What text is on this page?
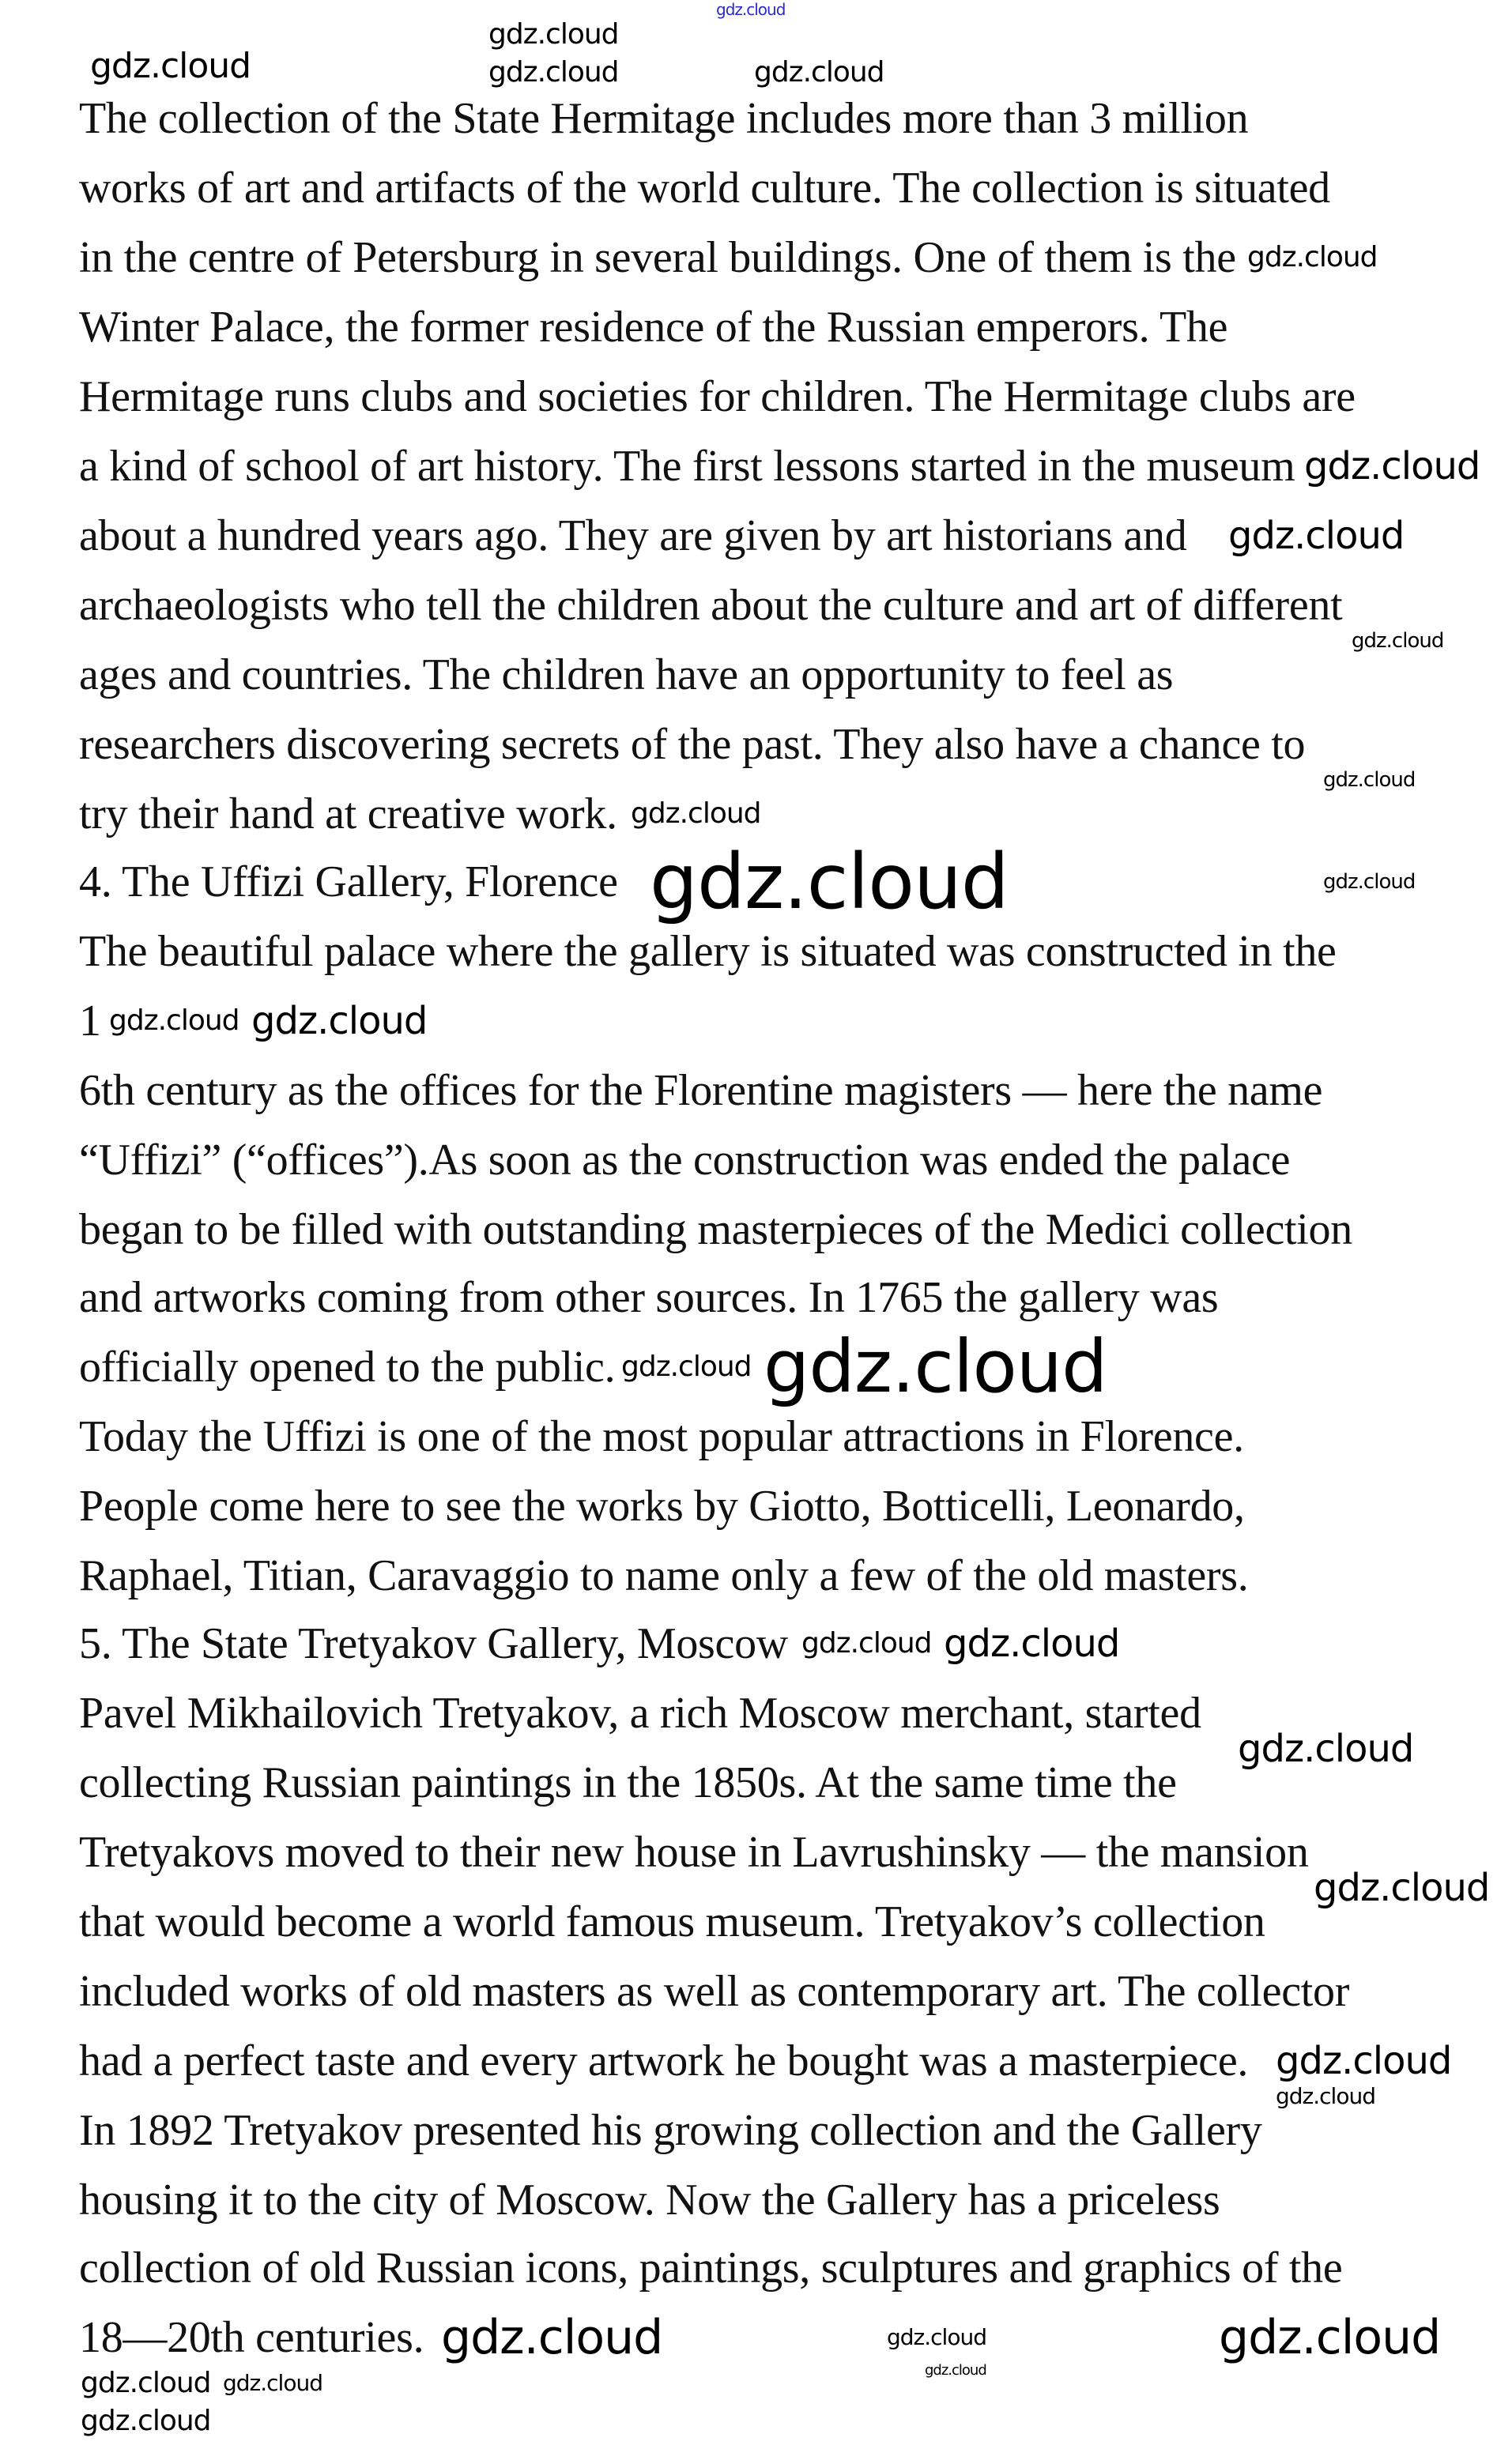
The collection of the State Hermitage includes more than 3 million
works of art and artifacts of the world culture. The collection is situated
in the centre of Petersburg in several buildings. One of them is the
Winter Palace, the former residence of the Russian emperors. The
Hermitage runs clubs and societies for children. The Hermitage clubs are
a kind of school of art history. The first lessons started in the museum
about a hundred years ago. They are given by art historians and
archaeologists who tell the children about the culture and art of different
ages and countries. The children have an opportunity to feel as
researchers discovering secrets of the past. They also have a chance to
try their hand at creative work.
4. The Uffizi Gallery, Florence
The beautiful palace where the gallery is situated was constructed in the
1
6th century as the offices for the Florentine magisters — here the name
“Uffizi” (“offices”).As soon as the construction was ended the palace
began to be filled with outstanding masterpieces of the Medici collection
and artworks coming from other sources. In 1765 the gallery was
officially opened to the public.
Today the Uffizi is one of the most popular attractions in Florence.
People come here to see the works by Giotto, Botticelli, Leonardo,
Raphael, Titian, Caravaggio to name only a few of the old masters.
5. The State Tretyakov Gallery, Moscow
Pavel Mikhailovich Tretyakov, a rich Moscow merchant, started
collecting Russian paintings in the 1850s. At the same time the
Tretyakovs moved to their new house in Lavrushinsky — the mansion
that would become a world famous museum. Tretyakov’s collection
included works of old masters as well as contemporary art. The collector
had a perfect taste and every artwork he bought was a masterpiece.
In 1892 Tretyakov presented his growing collection and the Gallery
housing it to the city of Moscow. Now the Gallery has a priceless
collection of old Russian icons, paintings, sculptures and graphics of the
18—20th centuries.
gdz.cloud
gdz.cloud	gdz.cloud	gdz.cloud
gdz.cloud
gdz.cloud
gdz.cloud
gdz.cloud
gdz.cloud
gdz.cloud
gdz.cloud
gdz.cloud
gdz.cloud	gdz.cloud
gdz.cloud
gdz.cloud gdz.cloud
gdz.cloud
gdz.cloud
gdz.cloud
gdz.cloud
gdz.cloud
gdz.cloud
gdz.cloud
gdz.cloud
gdz.cloud
gdz.cloud
gdz.cloud	gdz.cloud
gdz.cloud
